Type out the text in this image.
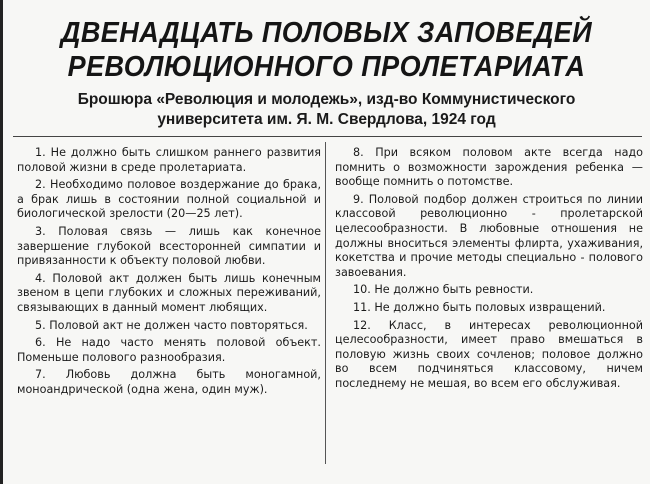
ДВЕНАДЦАТЬ ПОЛОВЫХ ЗАПОВЕДЕЙ
РЕВОЛЮЦИОННОГО ПРОЛЕТАРИАТА
Брошюра «Революция и молодежь», изд-во Коммунистического
университета им. Я. М. Свердлова, 1924 год

1. Не должно быть слишком раннего развития половой жизни в среде пролетариата.

2. Необходимо половое воздержание до брака, а брак лишь в состоянии полной социальной и биологической зрелости (20—25 лет).

3. Половая связь — лишь как конечное завершение глубокой всесторонней симпатии и привязанности к объекту половой любви.

4. Половой акт должен быть лишь конечным звеном в цепи глубоких и сложных переживаний, связывающих в данный момент любящих.

5. Половой акт не должен часто повторяться.

6. Не надо часто менять половой объект. Поменьше полового разнообразия.

7. Любовь должна быть моногамной, моноандрической (одна жена, один муж).

8. При всяком половом акте всегда надо помнить о возможности зарождения ребенка — вообще помнить о потомстве.

9. Половой подбор должен строиться по линии классовой революционно - пролетарской целесообразности. В любовные отношения не должны вноситься элементы флирта, ухаживания, кокетства и прочие методы специально - полового завоевания.

10. Не должно быть ревности.

11. Не должно быть половых извращений.

12. Класс, в интересах революционной целесообразности, имеет право вмешаться в половую жизнь своих сочленов; половое должно во всем подчиняться классовому, ничем последнему не мешая, во всем его обслуживая.
